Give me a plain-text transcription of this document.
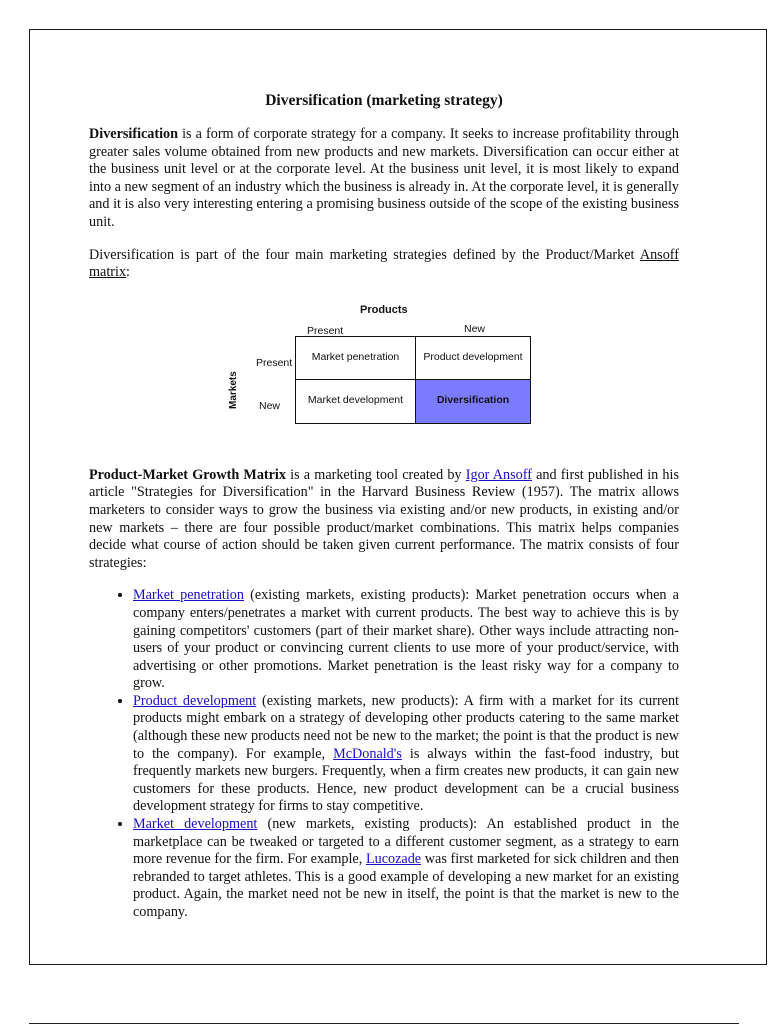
Diversification (marketing strategy)

Diversification is a form of corporate strategy for a company. It seeks to increase profitability through greater sales volume obtained from new products and new markets. Diversification can occur either at the business unit level or at the corporate level. At the business unit level, it is most likely to expand into a new segment of an industry which the business is already in. At the corporate level, it is generally and it is also very interesting entering a promising business outside of the scope of the existing business unit.

Diversification is part of the four main marketing strategies defined by the Product/Market Ansoff matrix:

Products
Present	New
Markets
Present
New
Market penetration	Product development
Market development	Diversification

Product-Market Growth Matrix is a marketing tool created by Igor Ansoff and first published in his article "Strategies for Diversification" in the Harvard Business Review (1957). The matrix allows marketers to consider ways to grow the business via existing and/or new products, in existing and/or new markets – there are four possible product/market combinations. This matrix helps companies decide what course of action should be taken given current performance. The matrix consists of four strategies:

• Market penetration (existing markets, existing products): Market penetration occurs when a company enters/penetrates a market with current products. The best way to achieve this is by gaining competitors' customers (part of their market share). Other ways include attracting non-users of your product or convincing current clients to use more of your product/service, with advertising or other promotions. Market penetration is the least risky way for a company to grow.
• Product development (existing markets, new products): A firm with a market for its current products might embark on a strategy of developing other products catering to the same market (although these new products need not be new to the market; the point is that the product is new to the company). For example, McDonald's is always within the fast-food industry, but frequently markets new burgers. Frequently, when a firm creates new products, it can gain new customers for these products. Hence, new product development can be a crucial business development strategy for firms to stay competitive.
• Market development (new markets, existing products): An established product in the marketplace can be tweaked or targeted to a different customer segment, as a strategy to earn more revenue for the firm. For example, Lucozade was first marketed for sick children and then rebranded to target athletes. This is a good example of developing a new market for an existing product. Again, the market need not be new in itself, the point is that the market is new to the company.
